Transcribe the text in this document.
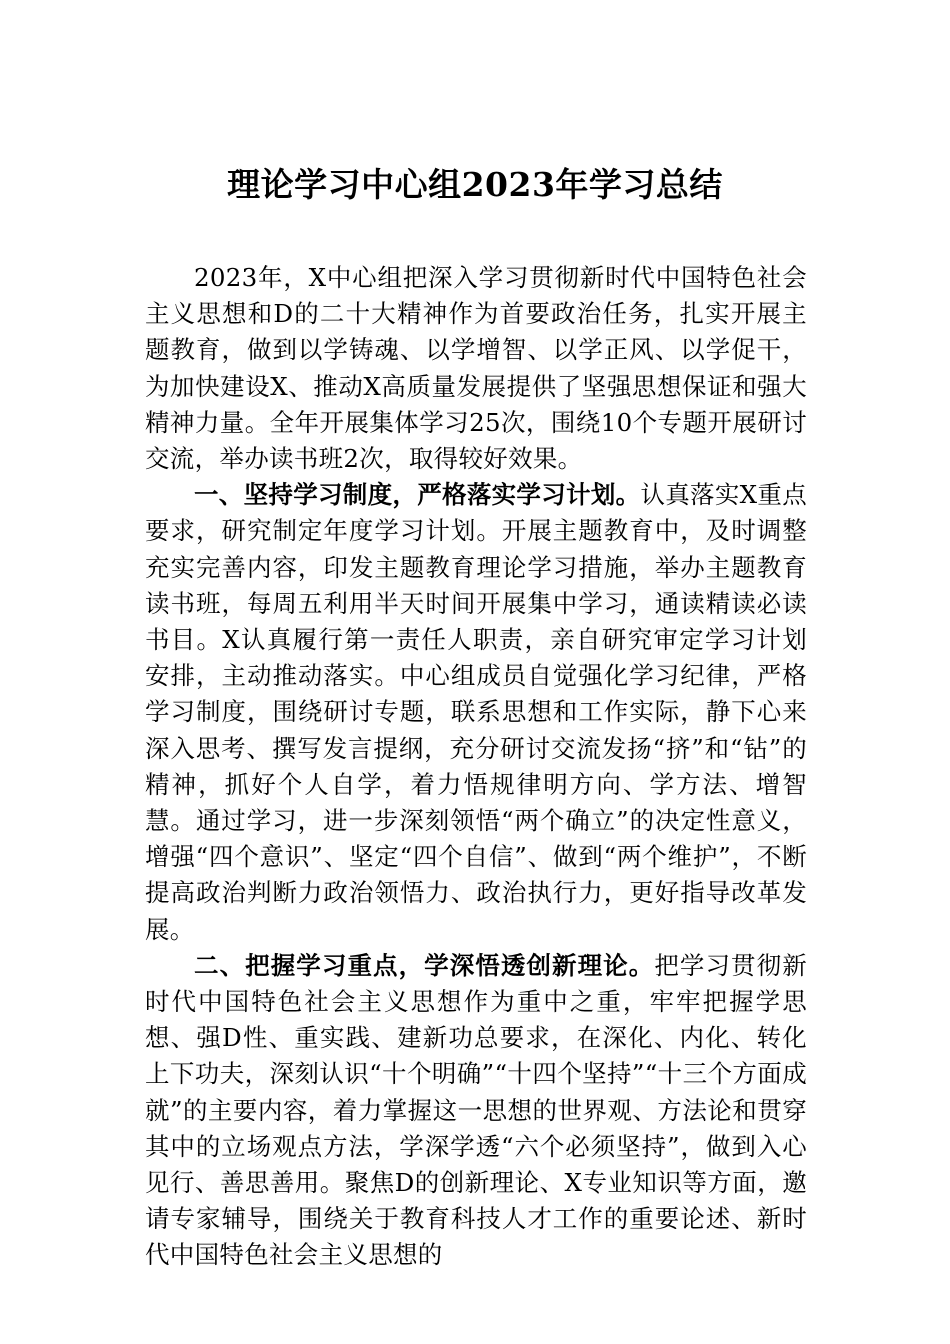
理论学习中心组2023年学习总结

2023年，X中心组把深入学习贯彻新时代中国特色社会主义思想和D的二十大精神作为首要政治任务，扎实开展主题教育，做到以学铸魂、以学增智、以学正风、以学促干，为加快建设X、推动X高质量发展提供了坚强思想保证和强大精神力量。全年开展集体学习25次，围绕10个专题开展研讨交流，举办读书班2次，取得较好效果。

一、坚持学习制度，严格落实学习计划。认真落实X重点要求，研究制定年度学习计划。开展主题教育中，及时调整充实完善内容，印发主题教育理论学习措施，举办主题教育读书班，每周五利用半天时间开展集中学习，通读精读必读书目。X认真履行第一责任人职责，亲自研究审定学习计划安排，主动推动落实。中心组成员自觉强化学习纪律，严格学习制度，围绕研讨专题，联系思想和工作实际，静下心来深入思考、撰写发言提纲，充分研讨交流发扬“挤”和“钻”的精神，抓好个人自学，着力悟规律明方向、学方法、增智慧。通过学习，进一步深刻领悟“两个确立”的决定性意义，增强“四个意识”、坚定“四个自信”、做到“两个维护”，不断提高政治判断力政治领悟力、政治执行力，更好指导改革发展。

二、把握学习重点，学深悟透创新理论。把学习贯彻新时代中国特色社会主义思想作为重中之重，牢牢把握学思想、强D性、重实践、建新功总要求，在深化、内化、转化上下功夫，深刻认识“十个明确”“十四个坚持”“十三个方面成就”的主要内容，着力掌握这一思想的世界观、方法论和贯穿其中的立场观点方法，学深学透“六个必须坚持”，做到入心见行、善思善用。聚焦D的创新理论、X专业知识等方面，邀请专家辅导，围绕关于教育科技人才工作的重要论述、新时代中国特色社会主义思想的
